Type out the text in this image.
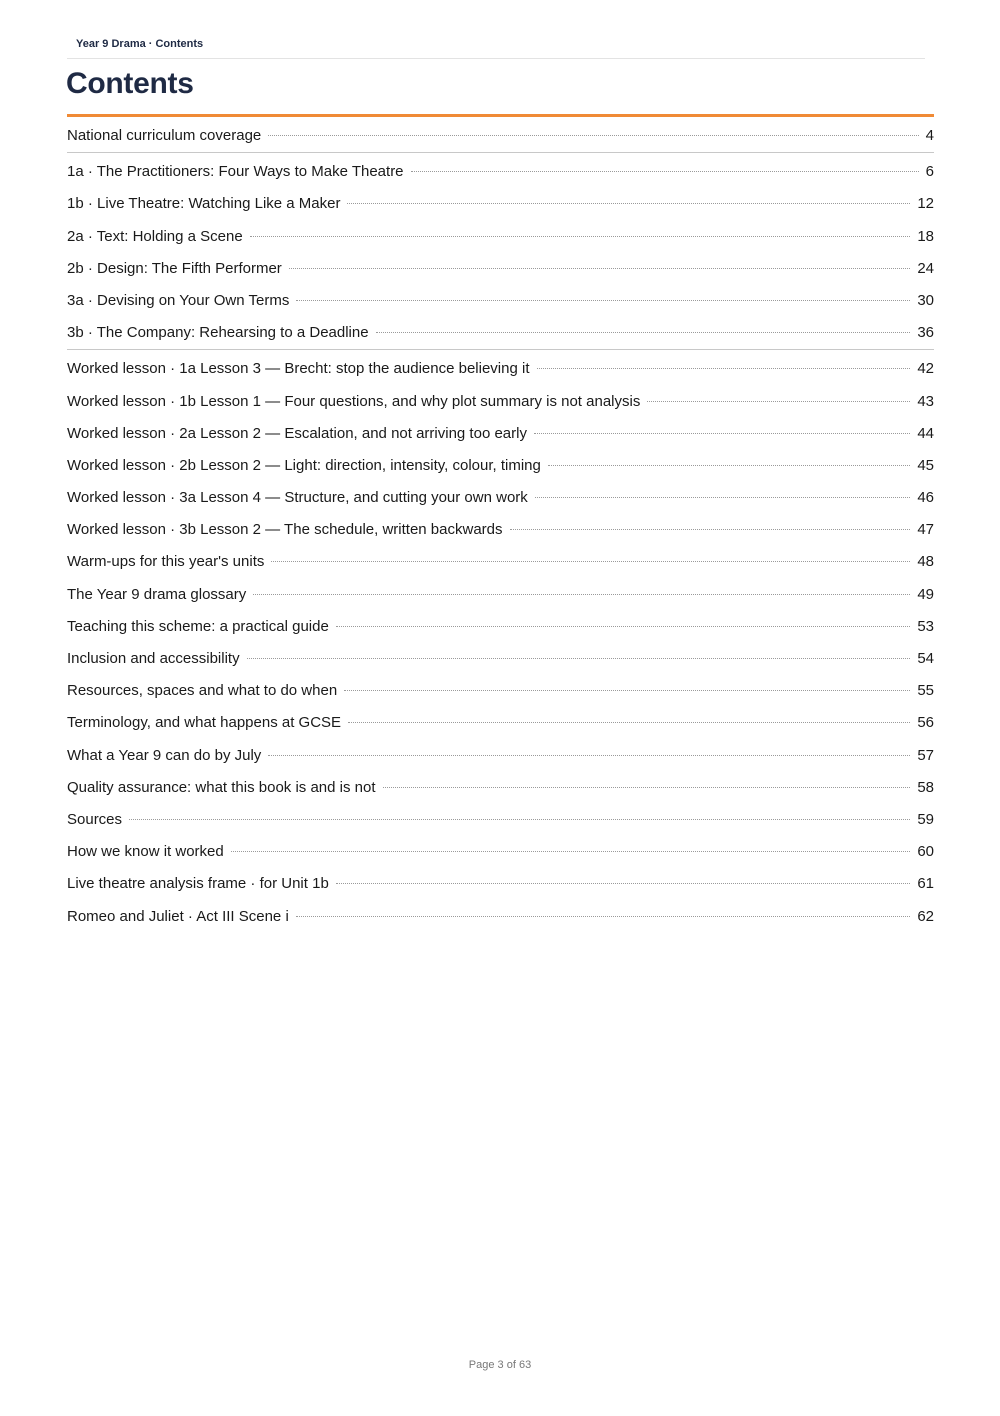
Year 9 Drama · Contents
Contents
National curriculum coverage	4
1a · The Practitioners: Four Ways to Make Theatre	6
1b · Live Theatre: Watching Like a Maker	12
2a · Text: Holding a Scene	18
2b · Design: The Fifth Performer	24
3a · Devising on Your Own Terms	30
3b · The Company: Rehearsing to a Deadline	36
Worked lesson · 1a Lesson 3 — Brecht: stop the audience believing it	42
Worked lesson · 1b Lesson 1 — Four questions, and why plot summary is not analysis	43
Worked lesson · 2a Lesson 2 — Escalation, and not arriving too early	44
Worked lesson · 2b Lesson 2 — Light: direction, intensity, colour, timing	45
Worked lesson · 3a Lesson 4 — Structure, and cutting your own work	46
Worked lesson · 3b Lesson 2 — The schedule, written backwards	47
Warm-ups for this year's units	48
The Year 9 drama glossary	49
Teaching this scheme: a practical guide	53
Inclusion and accessibility	54
Resources, spaces and what to do when	55
Terminology, and what happens at GCSE	56
What a Year 9 can do by July	57
Quality assurance: what this book is and is not	58
Sources	59
How we know it worked	60
Live theatre analysis frame · for Unit 1b	61
Romeo and Juliet · Act III Scene i	62
Page 3 of 63
